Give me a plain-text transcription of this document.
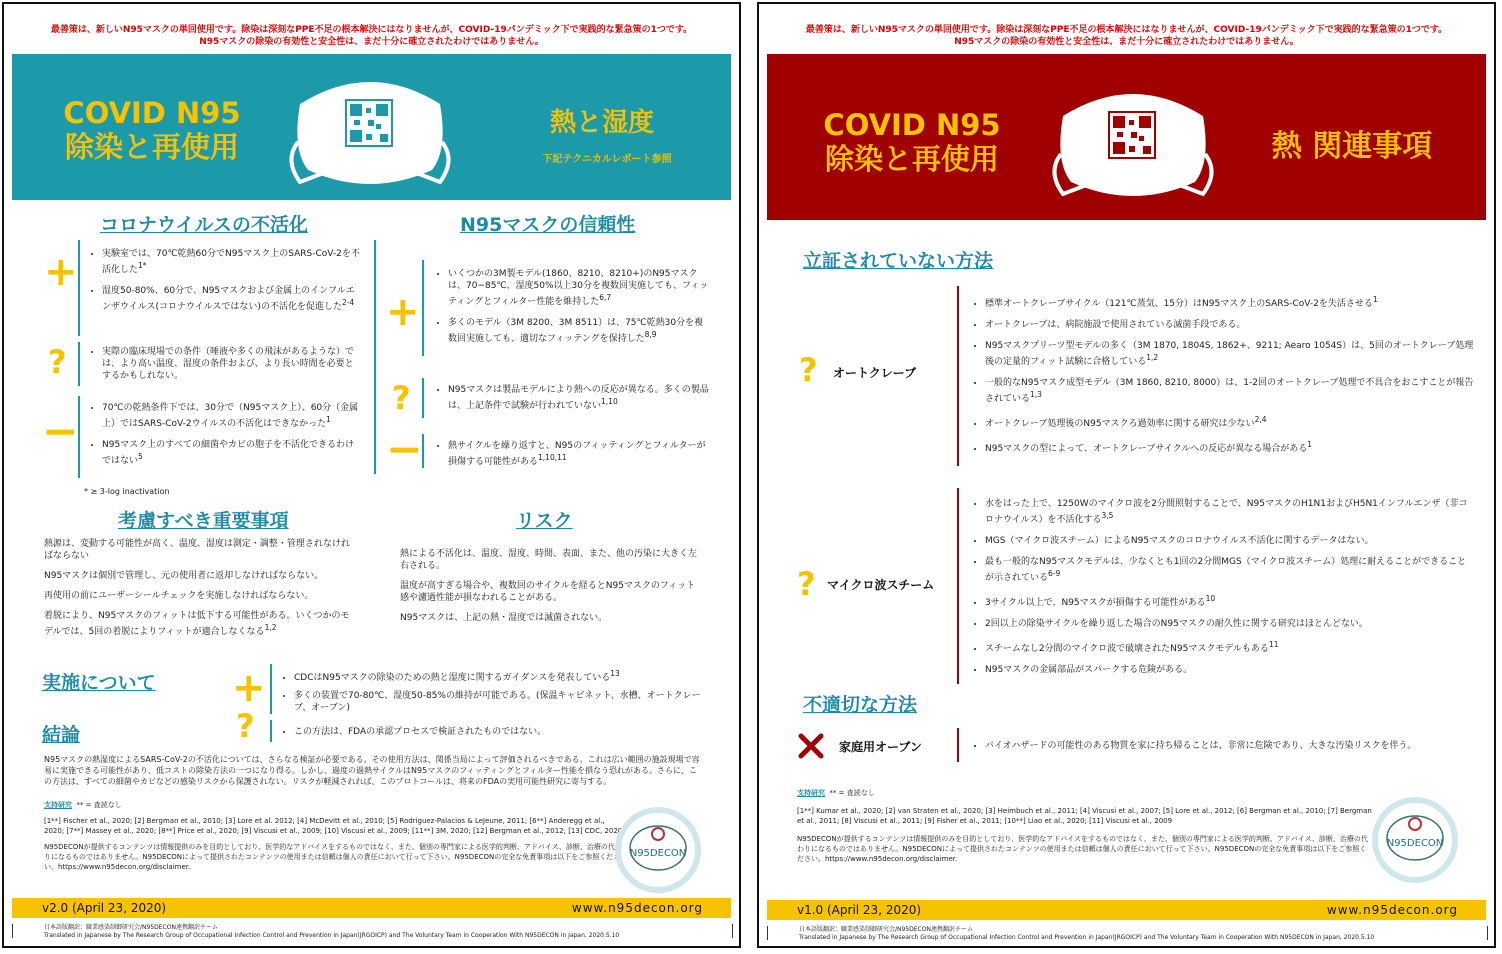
最善策は、新しいN95マスクの単回使用です。除染は深刻なPPE不足の根本解決にはなりませんが、COVID-19パンデミック下で実践的な緊急策の1つです。
N95マスクの除染の有効性と安全性は、まだ十分に確立されたわけではありません。
COVID N95
除染と再使用
熱と湿度
下記テクニカルレポート参照
コロナウイルスの不活化
+
?
−
• 実験室では、70℃乾熱60分でN95マスク上のSARS-CoV-2を不活化した$^{1*}$
• 湿度50-80%、60分で、N95マスクおよび金属上のインフルエンザウイルス(コロナウイルスではない)の不活化を促進した$^{2-4}$
• 実際の臨床現場での条件（唾液や多くの飛沫があるような）では、より高い温度、湿度の条件および、より長い時間を必要とするかもしれない。
• 70℃の乾熱条件下では、30分で（N95マスク上）、60分（金属上）ではSARS-CoV-2ウイルスの不活化はできなかった$^1$
• N95マスク上のすべての細菌やカビの胞子を不活化できるわけではない$^5$
* ≥ 3-log inactivation
N95マスクの信頼性
+
?
−
• いくつかの3M製モデル(1860、8210、8210+)のN95マスクは、70−85℃、湿度50%以上30分を複数回実施しても、フィッティングとフィルター性能を維持した$^{6,7}$
• 多くのモデル（3M 8200、3M 8511）は、75℃乾熱30分を複数回実施しても、適切なフィッテングを保持した$^{8,9}$
• N95マスクは製品モデルにより熱への反応が異なる。多くの製品は、上記条件で試験が行われていない$^{1,10}$
• 熱サイクルを繰り返すと、N95のフィッティングとフィルターが損傷する可能性がある$^{1,10,11}$
考慮すべき重要事項
熱源は、変動する可能性が高く、温度、湿度は測定・調整・管理されなければならない
N95マスクは個別で管理し、元の使用者に返却しなければならない。
再使用の前にユーザーシールチェックを実施しなければならない。
着脱により、N95マスクのフィットは低下する可能性がある。いくつかのモデルでは、5回の着脱によりフィットが適合しなくなる$^{1,2}$
リスク
熱による不活化は、温度、湿度、時間、表面、また、他の汚染に大きく左右される。
温度が高すぎる場合や、複数回のサイクルを経るとN95マスクのフィット感や濾過性能が損なわれることがある。
N95マスクは、上記の熱・湿度では滅菌されない。
実施について +
?
• CDCはN95マスクの除染のための熱と湿度に関するガイダンスを発表している$^{13}$
• 多くの装置で70-80℃、湿度50-85%の維持が可能である。(保温キャビネット、水槽、オートクレーブ、オーブン)
• この方法は、FDAの承認プロセスで検証されたものではない。
結論
N95マスクの熱湿度によるSARS-CoV-2の不活化については、さらなる検証が必要である。その使用方法は、関係当局によって評価されるべきである。これは広い範囲の施設現場で容易に実施できる可能性があり、低コストの除染方法の一つになり得る。しかし、過度の過熱サイクルはN95マスクのフィッティングとフィルター性能を損なう恐れがある。さらに、この方法は、すべての細菌やカビなどの感染リスクから保護されない。リスクが軽減されれば、このプロトコールは、将来のFDAの実用可能性研究に寄与する。
支持研究 ** = 査読なし
[1**] Fischer et al., 2020; [2] Bergman et al., 2010; [3] Lore et al. 2012; [4] McDevitt et al., 2010; [5] Rodriguez-Palacios & LeJeune, 2011; [6**] Anderegg et al., 2020; [7**] Massey et al., 2020; [8**] Price et al., 2020; [9] Viscusi et al., 2009; [10] Viscusi et al., 2009; [11**] 3M, 2020; [12] Bergman et al., 2012; [13] CDC, 2020
N95DECONが提供するコンテンツは情報提供のみを目的としており、医学的なアドバイスをするものではなく、また、個別の専門家による医学的判断、アドバイス、診断、治療の代わりになるものではありません。N95DECONによって提供されたコンテンツの使用または信頼は個人の責任において行って下さい。N95DECONの完全な免責事項は以下をご参照ください。https://www.n95decon.org/disclaimer.
N95DECON
v2.0 (April 23, 2020)	www.n95decon.org
日本語版翻訳：職業感染制御研究会/N95DECON連携翻訳チーム
Translated in Japanese by The Research Group of Occupational Infection Control and Prevention in Japan(JRGOICP) and The Voluntary Team in Cooperation With N95DECON in Japan, 2020.5.10
最善策は、新しいN95マスクの単回使用です。除染は深刻なPPE不足の根本解決にはなりませんが、COVID-19パンデミック下で実践的な緊急策の1つです。
N95マスクの除染の有効性と安全性は、まだ十分に確立されたわけではありません。
COVID N95
除染と再使用	熱 関連事項
立証されていない方法
? オートクレーブ
• 標準オートクレーブサイクル（121℃蒸気、15分）はN95マスク上のSARS-CoV-2を失活させる$^1$
• オートクレーブは、病院施設で使用されている滅菌手段である。
• N95マスクプリーツ型モデルの多く（3M 1870, 1804S, 1862+、9211; Aearo 1054S）は、5回のオートクレーブ処理後の定量的フィット試験に合格している$^{1,2}$
• 一般的なN95マスク成型モデル（3M 1860, 8210, 8000）は、1-2回のオートクレーブ処理で不具合をおこすことが報告されている$^{1,3}$
• オートクレーブ処理後のN95マスクろ過効率に関する研究は少ない$^{2,4}$
• N95マスクの型によって、オートクレーブサイクルへの反応が異なる場合がある$^1$
? マイクロ波スチーム
• 水をはった上で、1250Wのマイクロ波を2分間照射することで、N95マスクのH1N1およびH5N1インフルエンザ（非コロナウイルス）を不活化する$^{3,5}$
• MGS（マイクロ波スチーム）によるN95マスクのコロナウイルス不活化に関するデータはない。
• 最も一般的なN95マスクモデルは、少なくとも1回の2分間MGS（マイクロ波スチーム）処理に耐えることができることが示されている$^{6-9}$
• 3サイクル以上で、N95マスクが損傷する可能性がある$^{10}$
• 2回以上の除染サイクルを繰り返した場合のN95マスクの耐久性に関する研究はほとんどない。
• スチームなし2分間のマイクロ波で破壊されたN95マスクモデルもある$^{11}$
• N95マスクの金属部品がスパークする危険がある。
不適切な方法
家庭用オーブン
•	バイオハザードの可能性のある物質を家に持ち帰ることは、非常に危険であり、大きな汚染リスクを伴う。
支持研究 ** = 査読なし
[1**] Kumar et al., 2020; [2] van Straten et al., 2020; [3] Heimbuch et al., 2011; [4] Viscusi et al., 2007; [5] Lore et al., 2012; [6] Bergman et al., 2010; [7] Bergman et al., 2011; [8] Viscusi et al., 2011; [9] Fisher et al., 2011; [10**] Liao et al., 2020; [11] Viscusi et al., 2009
N95DECONが提供するコンテンツは情報提供のみを目的としており、医学的なアドバイスをするものではなく、また、個別の専門家による医学的判断、アドバイス、診断、治療の代わりになるものではありません。N95DECONによって提供されたコンテンツの使用または信頼は個人の責任において行って下さい。N95DECONの完全な免責事項は以下をご参照ください。https://www.n95decon.org/disclaimer.
N95DECON
v1.0 (April 23, 2020)	www.n95decon.org
日本語版翻訳：職業感染制御研究会/N95DECON連携翻訳チーム
Translated in Japanese by The Research Group of Occupational Infection Control and Prevention in Japan(JRGOICP) and The Voluntary Team in Cooperation With N95DECON in Japan, 2020.5.10
